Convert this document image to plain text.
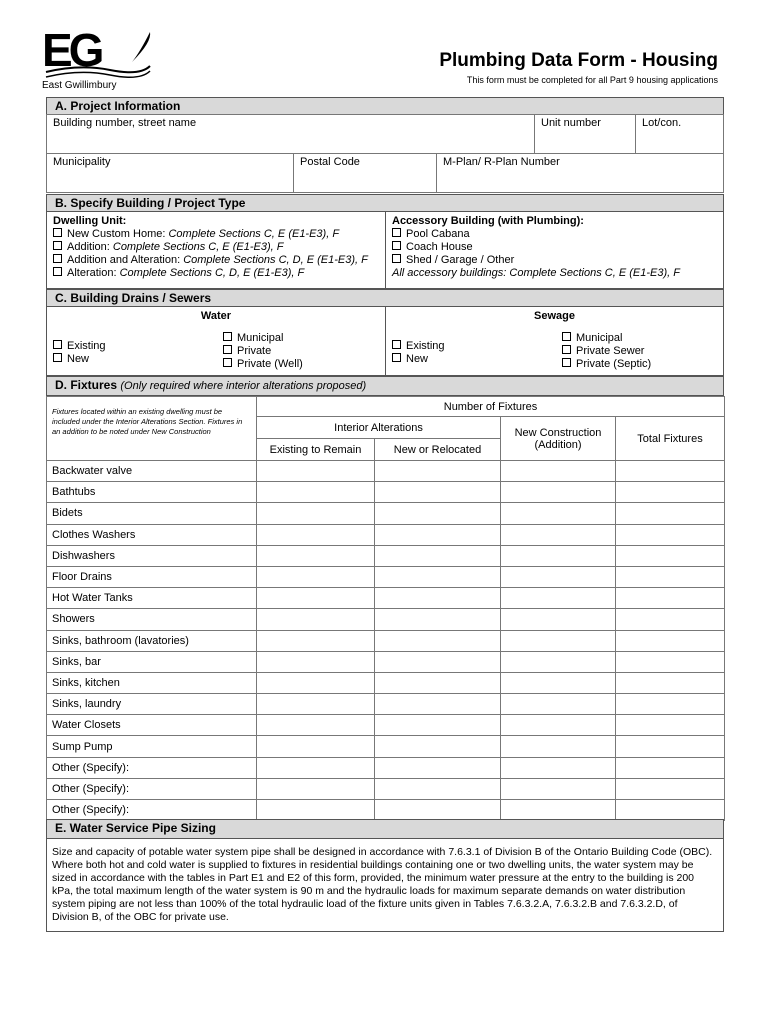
EG
East Gwillimbury
Plumbing Data Form - Housing
This form must be completed for all Part 9 housing applications
A. Project Information
Building number, street name	Unit number	Lot/con.
Municipality	Postal Code	M-Plan/ R-Plan Number
B. Specify Building / Project Type
Dwelling Unit:
New Custom Home: Complete Sections C, E (E1-E3), F
Addition: Complete Sections C, E (E1-E3), F
Addition and Alteration: Complete Sections C, D, E (E1-E3), F
Alteration: Complete Sections C, D, E (E1-E3), F
Accessory Building (with Plumbing):
Pool Cabana
Coach House
Shed / Garage / Other
All accessory buildings: Complete Sections C, E (E1-E3), F
C. Building Drains / Sewers
Water
Existing
New
Municipal
Private
Private (Well)
Sewage
Existing
New
Municipal
Private Sewer
Private (Septic)
D. Fixtures (Only required where interior alterations proposed)
Fixtures located within an existing dwelling must be included under the Interior Alterations Section. Fixtures in an addition to be noted under New Construction	Number of Fixtures			
	Interior Alterations		New Construction (Addition)	Total Fixtures
	Existing to Remain	New or Relocated		
Backwater valve				
Bathtubs				
Bidets				
Clothes Washers				
Dishwashers				
Floor Drains				
Hot Water Tanks				
Showers				
Sinks, bathroom (lavatories)				
Sinks, bar				
Sinks, kitchen				
Sinks, laundry				
Water Closets				
Sump Pump				
Other (Specify):				
Other (Specify):				
Other (Specify):				
E. Water Service Pipe Sizing
Size and capacity of potable water system pipe shall be designed in accordance with 7.6.3.1 of Division B of the Ontario Building Code (OBC). Where both hot and cold water is supplied to fixtures in residential buildings containing one or two dwelling units, the water system may be sized in accordance with the tables in Part E1 and E2 of this form, provided, the minimum water pressure at the entry to the building is 200 kPa, the total maximum length of the water system is 90 m and the hydraulic loads for maximum separate demands on water distribution system piping are not less than 100% of the total hydraulic load of the fixture units given in Tables 7.6.3.2.A, 7.6.3.2.B and 7.6.3.2.D, of Division B, of the OBC for private use.
